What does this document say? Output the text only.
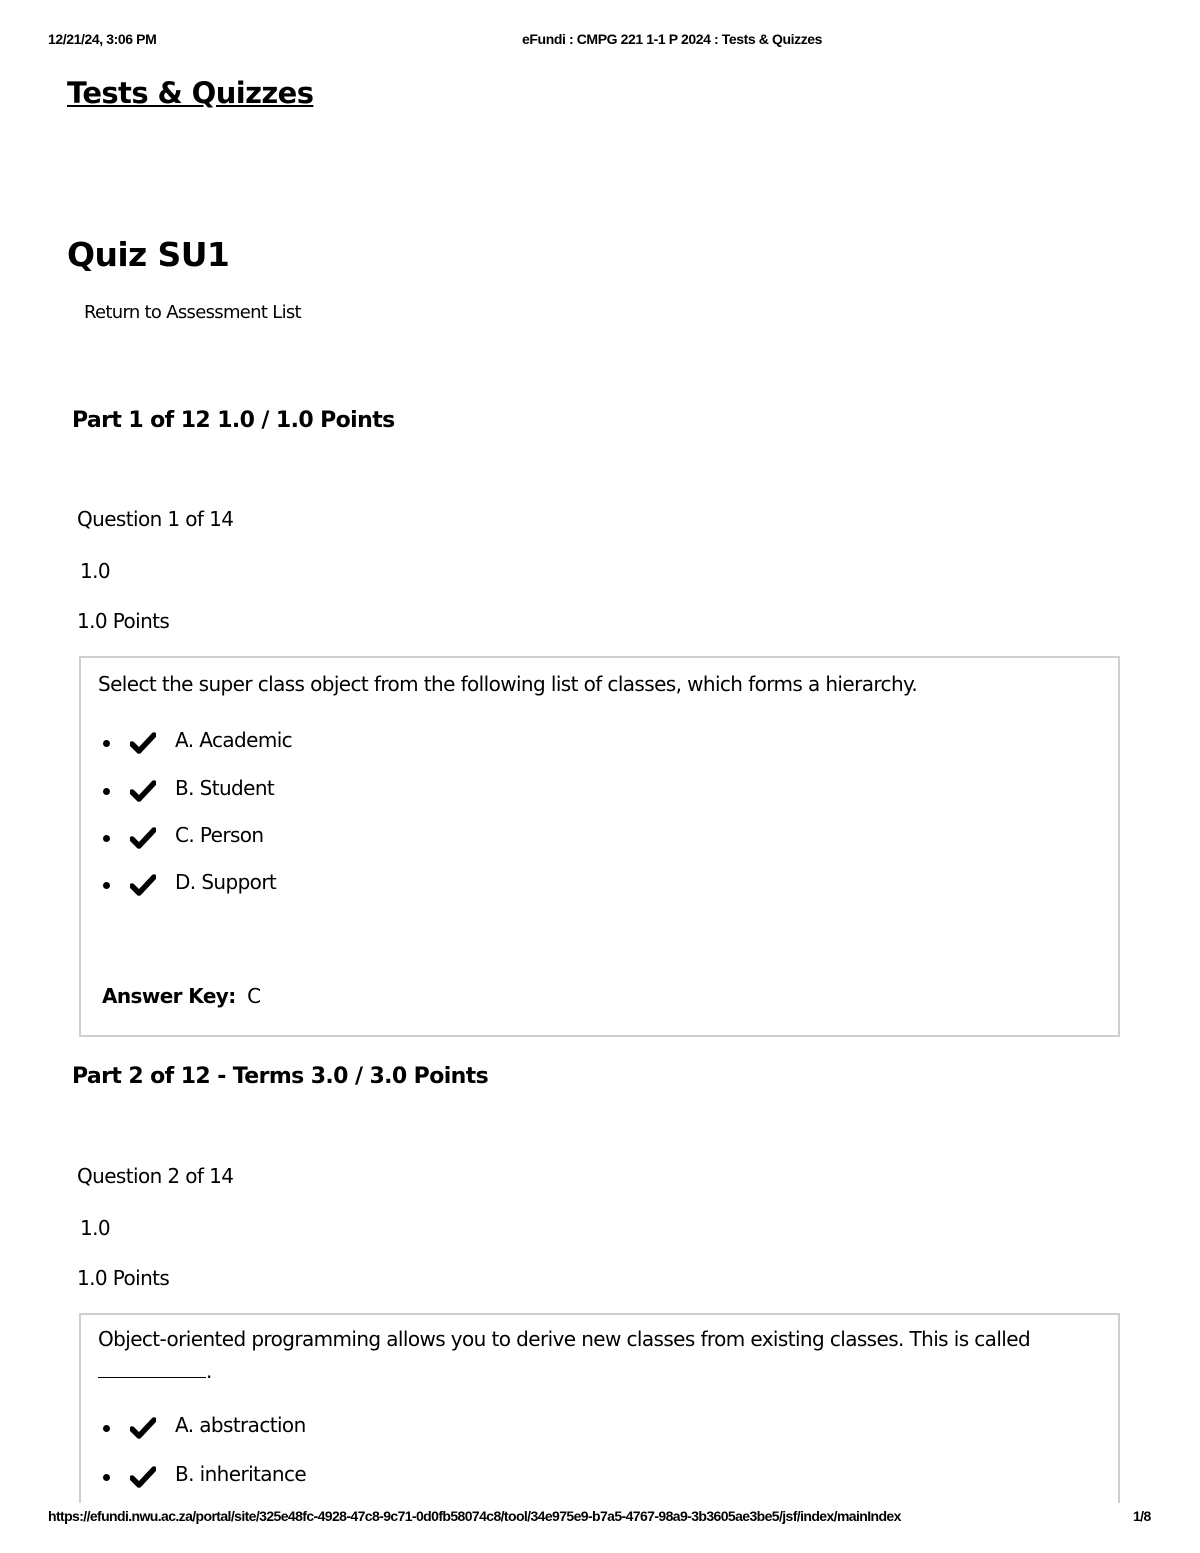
12/21/24, 3:06 PM	eFundi : CMPG 221 1-1 P 2024 : Tests & Quizzes
Tests & Quizzes
Quiz SU1
Return to Assessment List
Part 1 of 12 1.0 / 1.0 Points
Question 1 of 14
1.0
1.0 Points
Select the super class object from the following list of classes, which forms a hierarchy.
A. Academic
B. Student
C. Person
D. Support
Answer Key: C
Part 2 of 12 - Terms 3.0 / 3.0 Points
Question 2 of 14
1.0
1.0 Points
Object-oriented programming allows you to derive new classes from existing classes. This is called
.
A. abstraction
B. inheritance
https://efundi.nwu.ac.za/portal/site/325e48fc-4928-47c8-9c71-0d0fb58074c8/tool/34e975e9-b7a5-4767-98a9-3b3605ae3be5/jsf/index/mainIndex	1/8
